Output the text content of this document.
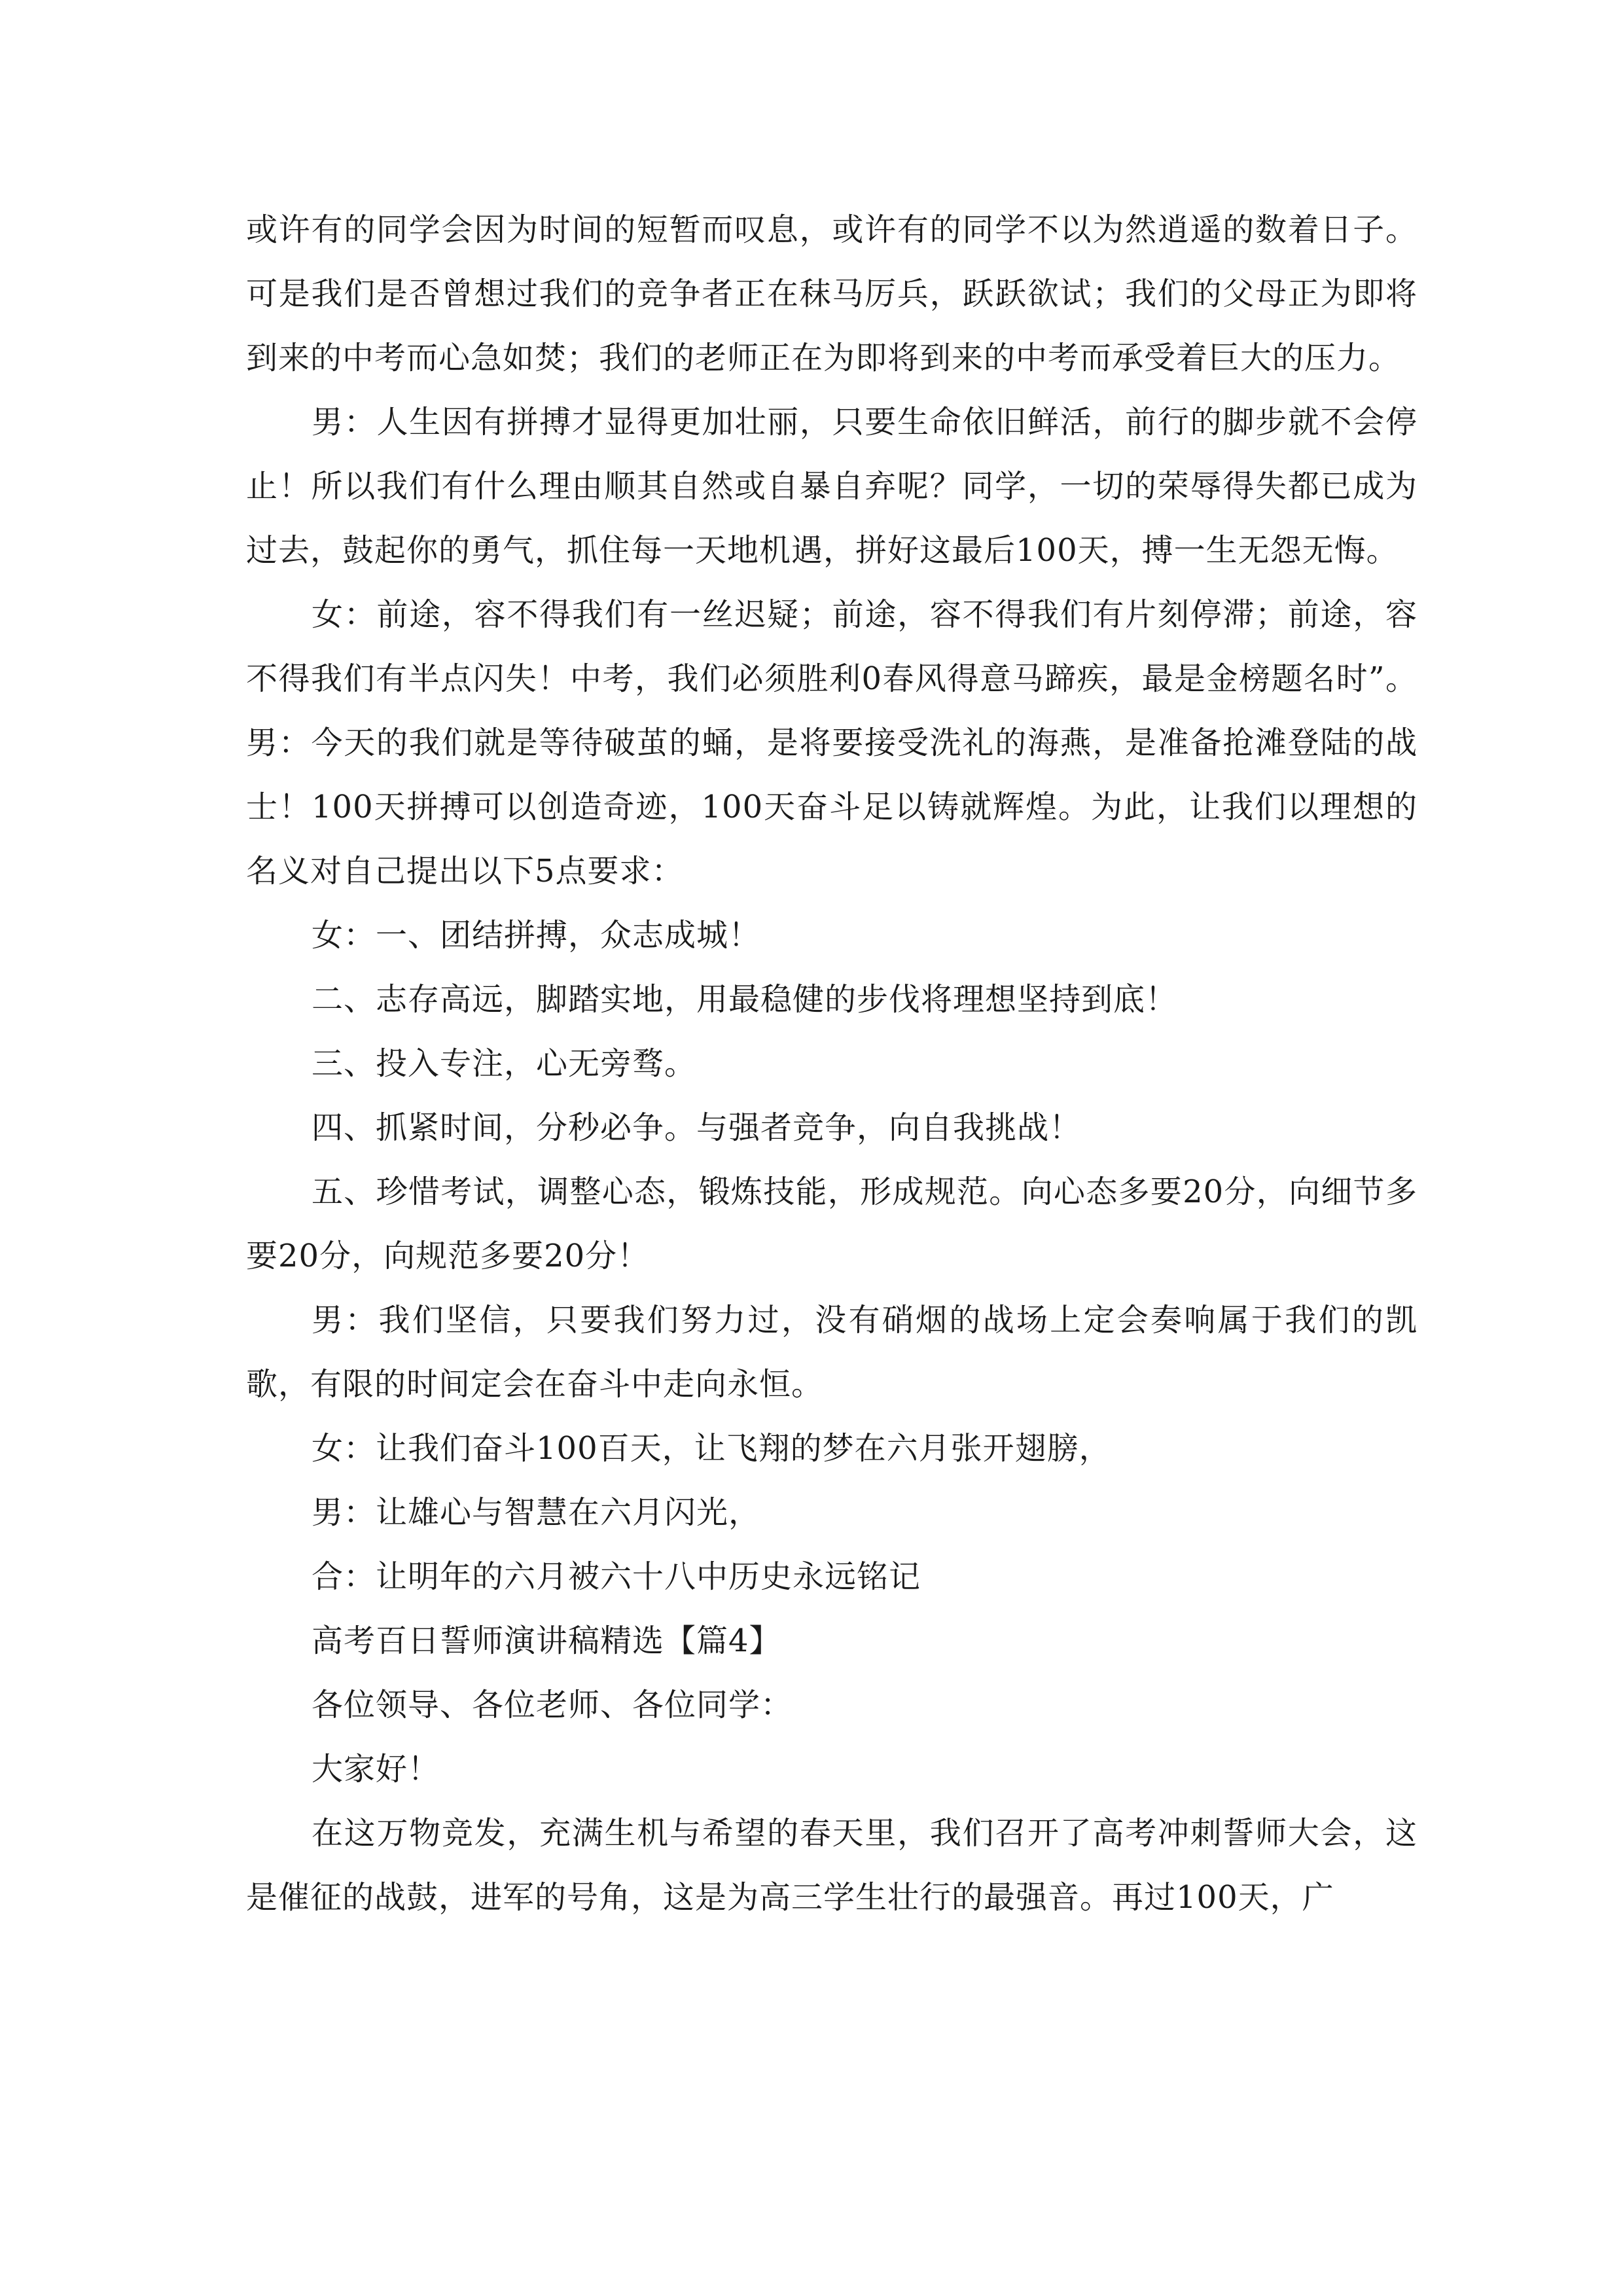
或许有的同学会因为时间的短暂而叹息，或许有的同学不以为然逍遥的数着日子。可是我们是否曾想过我们的竞争者正在秣马厉兵，跃跃欲试；我们的父母正为即将到来的中考而心急如焚；我们的老师正在为即将到来的中考而承受着巨大的压力。

男：人生因有拼搏才显得更加壮丽，只要生命依旧鲜活，前行的脚步就不会停止！所以我们有什么理由顺其自然或自暴自弃呢？同学，一切的荣辱得失都已成为过去，鼓起你的勇气，抓住每一天地机遇，拼好这最后100天，搏一生无怨无悔。

女：前途，容不得我们有一丝迟疑；前途，容不得我们有片刻停滞；前途，容不得我们有半点闪失！中考，我们必须胜利0春风得意马蹄疾，最是金榜题名时”。男：今天的我们就是等待破茧的蛹，是将要接受洗礼的海燕，是准备抢滩登陆的战士！100天拼搏可以创造奇迹，100天奋斗足以铸就辉煌。为此，让我们以理想的名义对自己提出以下5点要求：

女：一、团结拼搏，众志成城！

二、志存高远，脚踏实地，用最稳健的步伐将理想坚持到底！

三、投入专注，心无旁骛。

四、抓紧时间，分秒必争。与强者竞争，向自我挑战！

五、珍惜考试，调整心态，锻炼技能，形成规范。向心态多要20分，向细节多要20分，向规范多要20分！

男：我们坚信，只要我们努力过，没有硝烟的战场上定会奏响属于我们的凯歌，有限的时间定会在奋斗中走向永恒。

女：让我们奋斗100百天，让飞翔的梦在六月张开翅膀，

男：让雄心与智慧在六月闪光，

合：让明年的六月被六十八中历史永远铭记

高考百日誓师演讲稿精选【篇4】

各位领导、各位老师、各位同学：

大家好！

在这万物竞发，充满生机与希望的春天里，我们召开了高考冲刺誓师大会，这是催征的战鼓，进军的号角，这是为高三学生壮行的最强音。再过100天，广
